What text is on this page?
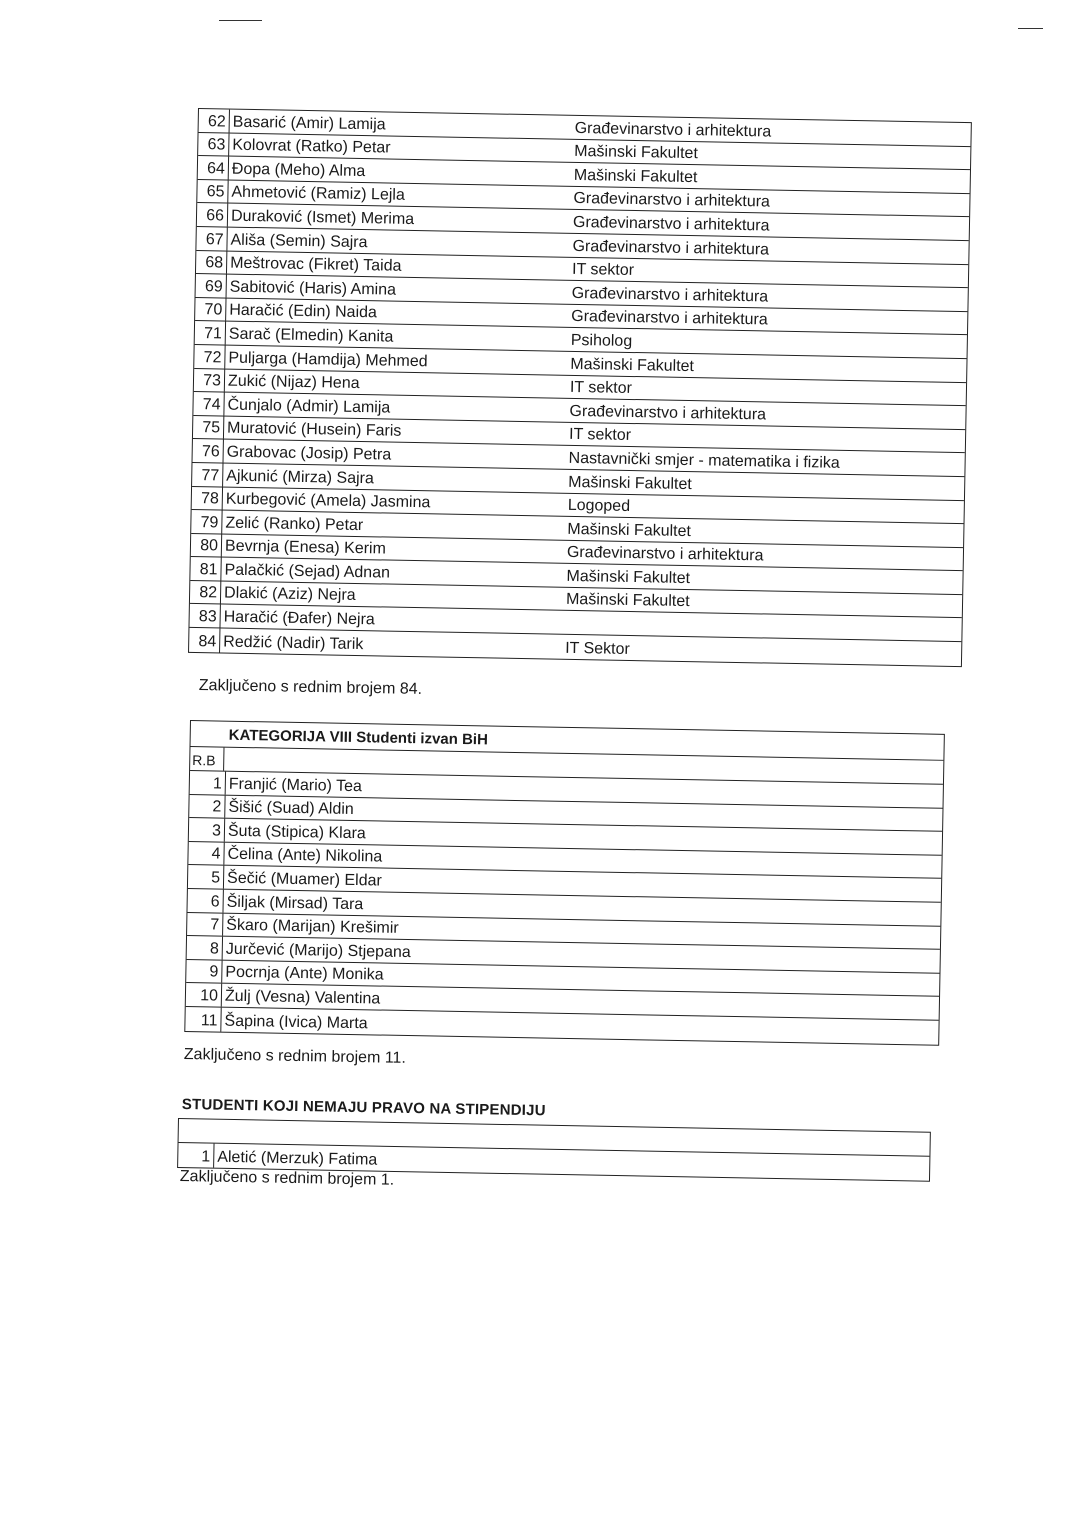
62 Basarić (Amir) Lamija	Građevinarstvo i arhitektura
63 Kolovrat (Ratko) Petar	Mašinski Fakultet
64 Đopa (Meho) Alma	Mašinski Fakultet
65 Ahmetović (Ramiz) Lejla	Građevinarstvo i arhitektura
66 Duraković (Ismet) Merima	Građevinarstvo i arhitektura
67 Ališa (Semin) Sajra	Građevinarstvo i arhitektura
68 Meštrovac (Fikret) Taida	IT sektor
69 Sabitović (Haris) Amina	Građevinarstvo i arhitektura
70 Haračić (Edin) Naida	Građevinarstvo i arhitektura
71 Sarač (Elmedin) Kanita	Psiholog
72 Puljarga (Hamdija) Mehmed	Mašinski Fakultet
73 Zukić (Nijaz) Hena	IT sektor
74 Čunjalo (Admir) Lamija	Građevinarstvo i arhitektura
75 Muratović (Husein) Faris	IT sektor
76 Grabovac (Josip) Petra	Nastavnički smjer - matematika i fizika
77 Ajkunić (Mirza) Sajra	Mašinski Fakultet
78 Kurbegović (Amela) Jasmina	Logoped
79 Zelić (Ranko) Petar	Mašinski Fakultet
80 Bevrnja (Enesa) Kerim	Građevinarstvo i arhitektura
81 Palačkić (Sejad) Adnan	Mašinski Fakultet
82 Dlakić (Aziz) Nejra	Mašinski Fakultet
83 Haračić (Đafer) Nejra
84 Redžić (Nadir) Tarik	IT Sektor
Zaključeno s rednim brojem 84.
KATEGORIJA VIII Studenti izvan BiH
R.B
1 Franjić (Mario) Tea
2 Šišić (Suad) Aldin
3 Šuta (Stipica) Klara
4 Čelina (Ante) Nikolina
5 Šečić (Muamer) Eldar
6 Šiljak (Mirsad) Tara
7 Škaro (Marijan) Krešimir
8 Jurčević (Marijo) Stjepana
9 Pocrnja (Ante) Monika
10 Žulj (Vesna) Valentina
11 Šapina (Ivica) Marta
Zaključeno s rednim brojem 11.
STUDENTI KOJI NEMAJU PRAVO NA STIPENDIJU
1 Aletić (Merzuk) Fatima
Zaključeno s rednim brojem 1.
